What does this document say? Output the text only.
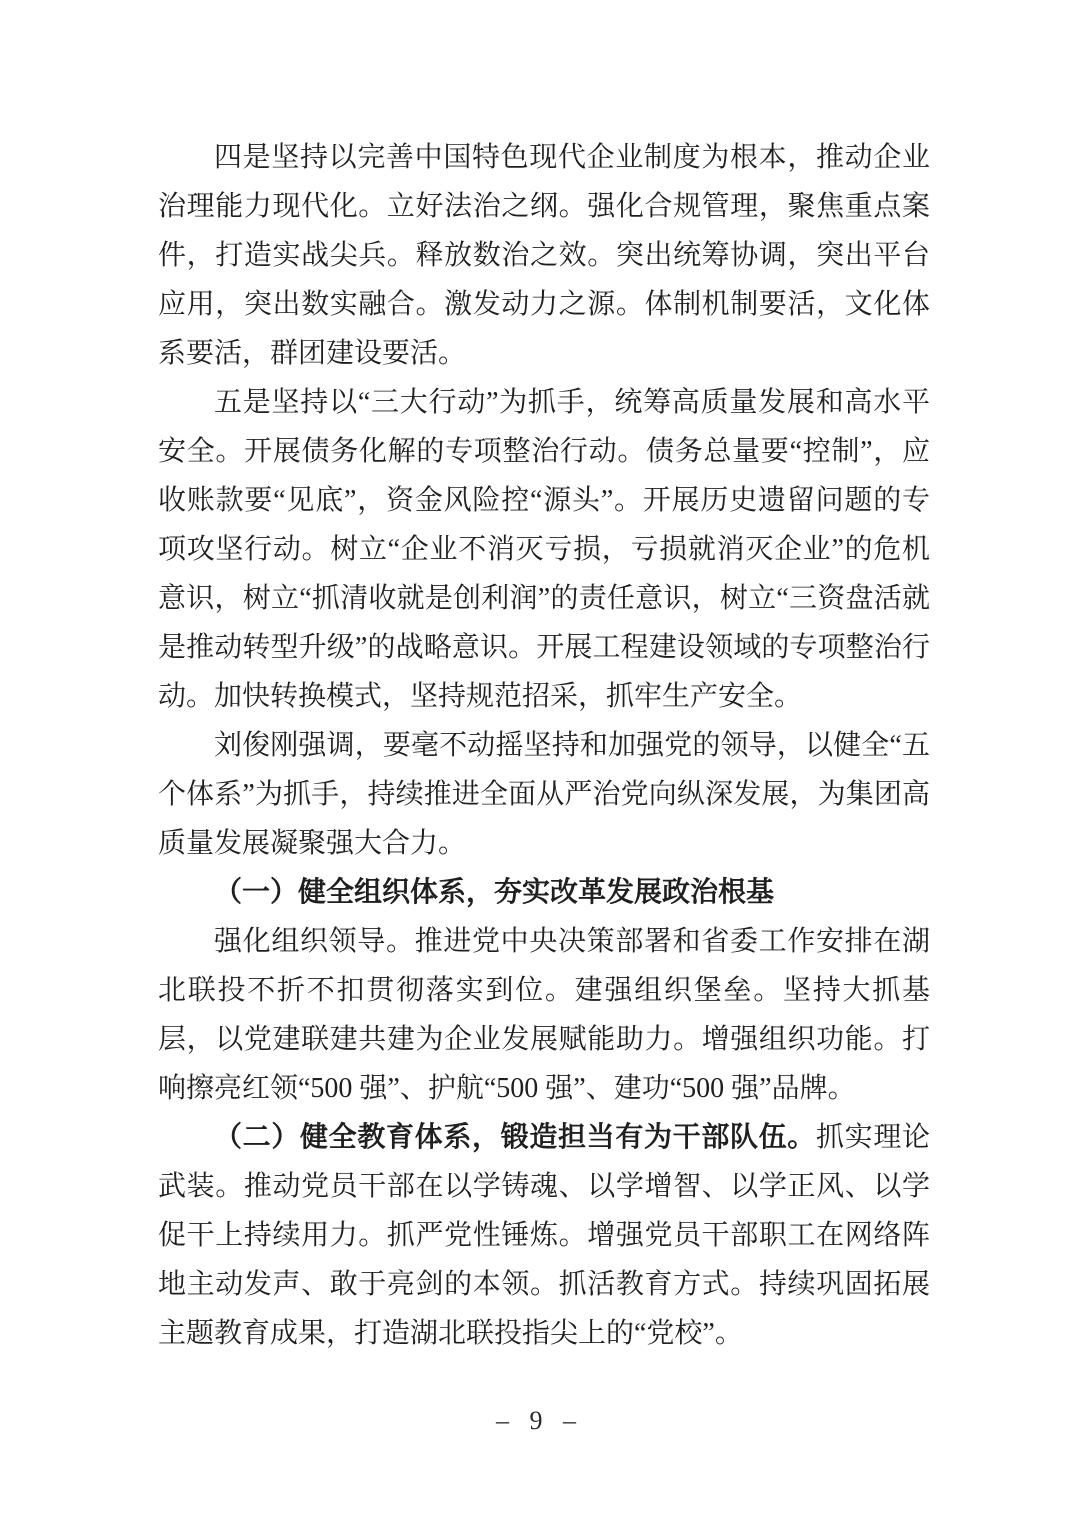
四是坚持以完善中国特色现代企业制度为根本，推动企业治理能力现代化。立好法治之纲。强化合规管理，聚焦重点案件，打造实战尖兵。释放数治之效。突出统筹协调，突出平台应用，突出数实融合。激发动力之源。体制机制要活，文化体系要活，群团建设要活。

五是坚持以“三大行动”为抓手，统筹高质量发展和高水平安全。开展债务化解的专项整治行动。债务总量要“控制”，应收账款要“见底”，资金风险控“源头”。开展历史遗留问题的专项攻坚行动。树立“企业不消灭亏损，亏损就消灭企业”的危机意识，树立“抓清收就是创利润”的责任意识，树立“三资盘活就是推动转型升级”的战略意识。开展工程建设领域的专项整治行动。加快转换模式，坚持规范招采，抓牢生产安全。

刘俊刚强调，要毫不动摇坚持和加强党的领导，以健全“五个体系”为抓手，持续推进全面从严治党向纵深发展，为集团高质量发展凝聚强大合力。

（一）健全组织体系，夯实改革发展政治根基

强化组织领导。推进党中央决策部署和省委工作安排在湖北联投不折不扣贯彻落实到位。建强组织堡垒。坚持大抓基层，以党建联建共建为企业发展赋能助力。增强组织功能。打响擦亮红领“500 强”、护航“500 强”、建功“500 强”品牌。

（二）健全教育体系，锻造担当有为干部队伍。抓实理论武装。推动党员干部在以学铸魂、以学增智、以学正风、以学促干上持续用力。抓严党性锤炼。增强党员干部职工在网络阵地主动发声、敢于亮剑的本领。抓活教育方式。持续巩固拓展主题教育成果，打造湖北联投指尖上的“党校”。

– 9 –
